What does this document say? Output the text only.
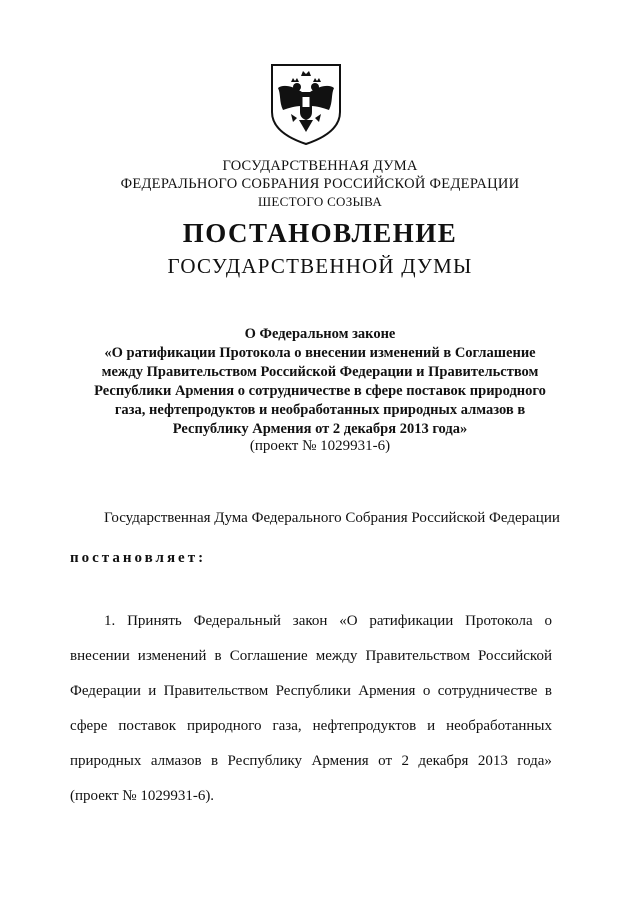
ГОСУДАРСТВЕННАЯ ДУМА
ФЕДЕРАЛЬНОГО СОБРАНИЯ РОССИЙСКОЙ ФЕДЕРАЦИИ
ШЕСТОГО СОЗЫВА
ПОСТАНОВЛЕНИЕ
ГОСУДАРСТВЕННОЙ ДУМЫ
О Федеральном законе
«О ратификации Протокола о внесении изменений в Соглашение
между Правительством Российской Федерации и Правительством
Республики Армения о сотрудничестве в сфере поставок природного
газа, нефтепродуктов и необработанных природных алмазов в
Республику Армения от 2 декабря 2013 года»
(проект № 1029931-6)
Государственная Дума Федерального Собрания Российской Федерации
постановляет:
1. Принять Федеральный закон «О ратификации Протокола о
внесении изменений в Соглашение между Правительством Российской
Федерации и Правительством Республики Армения о сотрудничестве в
сфере поставок природного газа, нефтепродуктов и необработанных
природных алмазов в Республику Армения от 2 декабря 2013 года»
(проект № 1029931-6).
